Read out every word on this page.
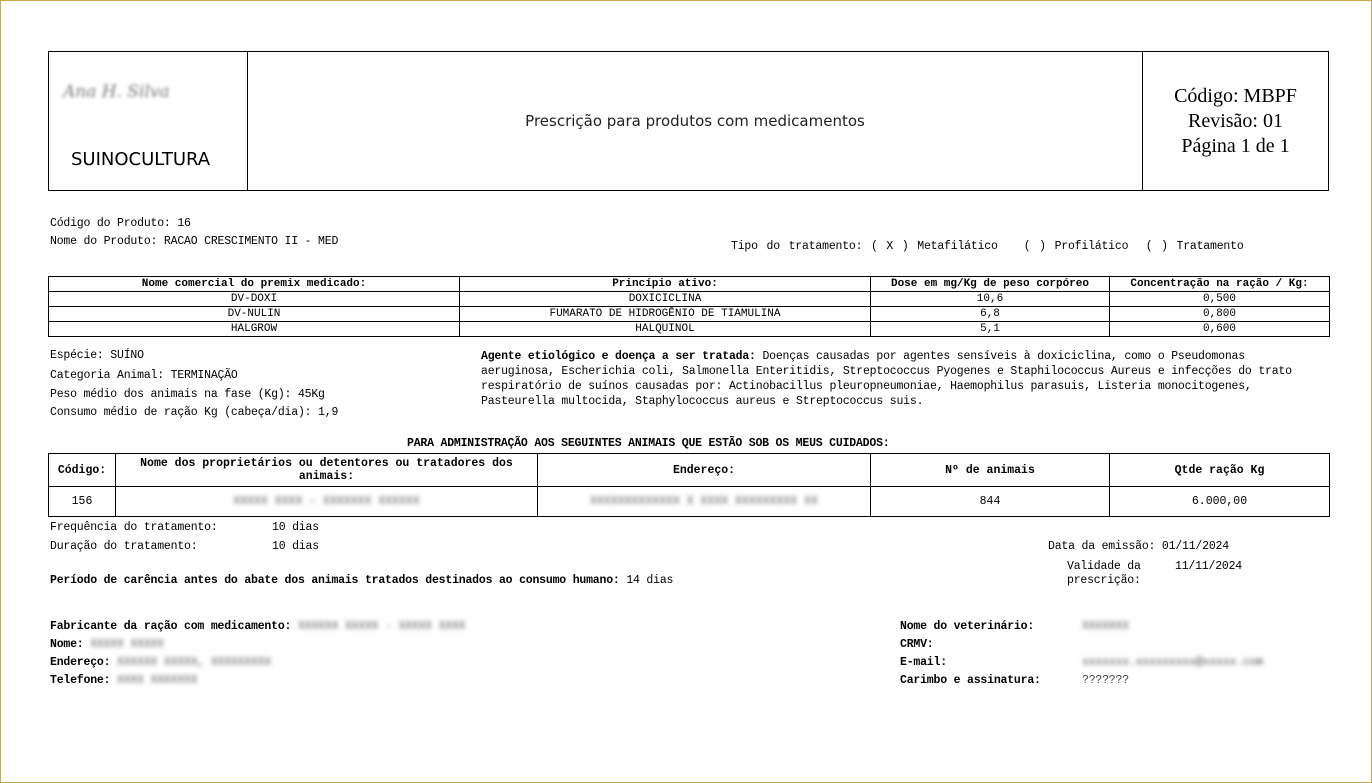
Ana H. Silva
SUINOCULTURA
Prescrição para produtos com medicamentos
Código: MBPF
Revisão: 01
Página 1 de 1
Código do Produto: 16
Nome do Produto: RACAO CRESCIMENTO II - MED	Tipo do tratamento: ( X ) Metafilático ( ) Profilático ( ) Tratamento
Nome comercial do premix medicado:	Princípio ativo:	Dose em mg/Kg de peso corpóreo	Concentração na ração / Kg:
DV-DOXI	DOXICICLINA	10,6	0,500
DV-NULIN	FUMARATO DE HIDROGÊNIO DE TIAMULINA	6,8	0,800
HALGROW	HALQUINOL	5,1	0,600
Espécie: SUÍNO
Categoria Animal: TERMINAÇÃO
Peso médio dos animais na fase (Kg): 45Kg
Consumo médio de ração Kg (cabeça/dia): 1,9
Agente etiológico e doença a ser tratada: Doenças causadas por agentes sensíveis à doxiciclina, como o Pseudomonas aeruginosa, Escherichia coli, Salmonella Enteritidis, Streptococcus Pyogenes e Staphilococcus Aureus e infecções do trato respiratório de suínos causadas por: Actinobacillus pleuropneumoniae, Haemophilus parasuis, Listeria monocitogenes, Pasteurella multocida, Staphylococcus aureus e Streptococcus suis.
PARA ADMINISTRAÇÃO AOS SEGUINTES ANIMAIS QUE ESTÃO SOB OS MEUS CUIDADOS:
Código:	Nome dos proprietários ou detentores ou tratadores dos animais:	Endereço:	Nº de animais	Qtde ração Kg
156	XXXXX XXXX - XXXXXXX XXXXXX	XXXXXXXXXXXXX X XXXX XXXXXXXXX XX	844	6.000,00
Frequência do tratamento:	10 dias
Duração do tratamento:	10 dias	Data da emissão: 01/11/2024
Validade da
prescrição:
11/11/2024
Período de carência antes do abate dos animais tratados destinados ao consumo humano: 14 dias
Fabricante da ração com medicamento: XXXXXX XXXXX - XXXXX XXXX
Nome: XXXXX XXXXX
Endereço: XXXXXX XXXXX, XXXXXXXXX
Telefone: XXXX XXXXXXX
Nome do veterinário:	XXXXXXX
CRMV:
E-mail:	xxxxxxx.xxxxxxxxx@xxxxx.com
Carimbo e assinatura:	???????
